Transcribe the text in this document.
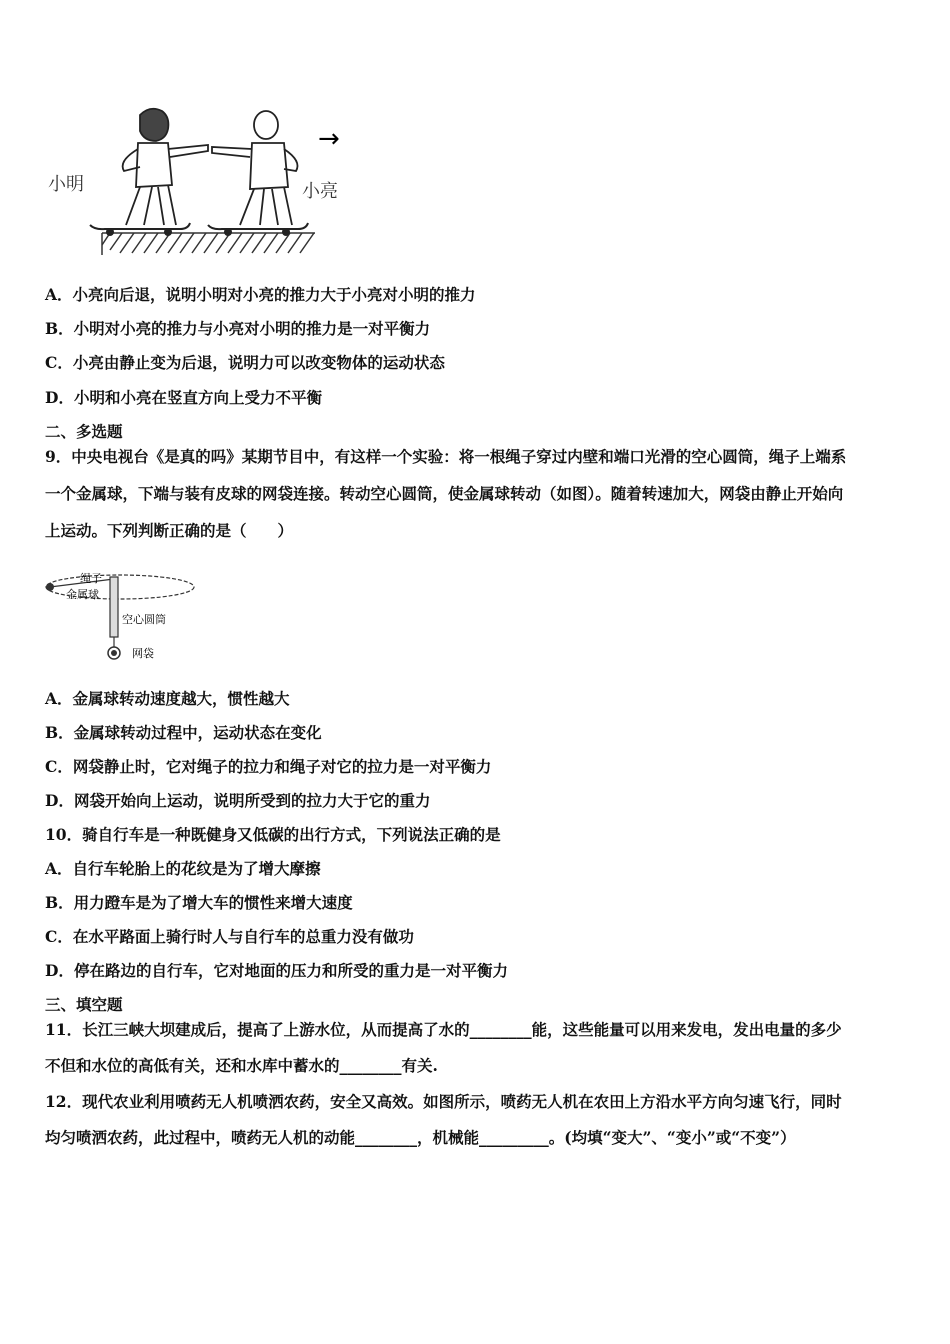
→
小明	小亮
A．小亮向后退，说明小明对小亮的推力大于小亮对小明的推力
B．小明对小亮的推力与小亮对小明的推力是一对平衡力
C．小亮由静止变为后退，说明力可以改变物体的运动状态
D．小明和小亮在竖直方向上受力不平衡
二、多选题
9．中央电视台《是真的吗》某期节目中，有这样一个实验：将一根绳子穿过内壁和端口光滑的空心圆筒，绳子上端系
一个金属球，下端与装有皮球的网袋连接。转动空心圆筒，使金属球转动（如图）。随着转速加大，网袋由静止开始向
上运动。下列判断正确的是（　　）
绳子
金属球
空心圆筒
网袋
A．金属球转动速度越大，惯性越大
B．金属球转动过程中，运动状态在变化
C．网袋静止时，它对绳子的拉力和绳子对它的拉力是一对平衡力
D．网袋开始向上运动，说明所受到的拉力大于它的重力
10．骑自行车是一种既健身又低碳的出行方式，下列说法正确的是
A．自行车轮胎上的花纹是为了增大摩擦
B．用力蹬车是为了增大车的惯性来增大速度
C．在水平路面上骑行时人与自行车的总重力没有做功
D．停在路边的自行车，它对地面的压力和所受的重力是一对平衡力
三、填空题
11．长江三峡大坝建成后，提高了上游水位，从而提高了水的________能，这些能量可以用来发电，发出电量的多少
不但和水位的高低有关，还和水库中蓄水的________有关.
12．现代农业利用喷药无人机喷洒农药，安全又高效。如图所示，喷药无人机在农田上方沿水平方向匀速飞行，同时
均匀喷洒农药，此过程中，喷药无人机的动能________，机械能_________。(均填“变大”、“变小”或“不变”）
